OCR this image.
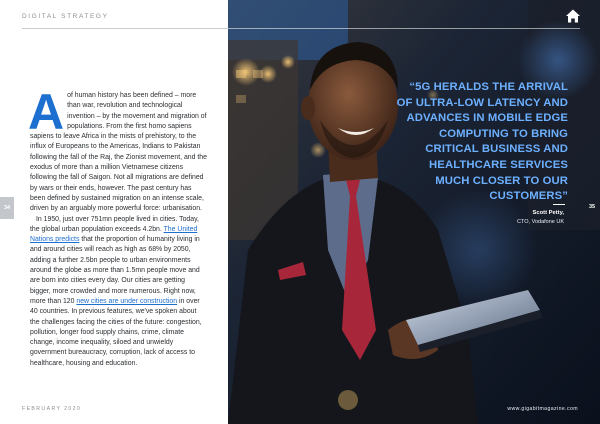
DIGITAL STRATEGY

Aof human history has been defined – more than war, revolution and technological invention – by the movement and migration of populations. From the first homo sapiens sapiens to leave Africa in the mists of prehistory, to the influx of Europeans to the Americas, Indians to Pakistan following the fall of the Raj, the Zionist movement, and the exodus of more than a million Vietnamese citizens following the fall of Saigon. Not all migrations are defined by wars or their ends, however. The past century has been defined by sustained migration on an intense scale, driven by an arguably more powerful force: urbanisation.

In 1950, just over 751mn people lived in cities. Today, the global urban population exceeds 4.2bn. The United Nations predicts that the proportion of humanity living in and around cities will reach as high as 68% by 2050, adding a further 2.5bn people to urban environments around the globe as more than 1.5mn people move and are born into cities every day. Our cities are getting bigger, more crowded and more numerous. Right now, more than 120 new cities are under construction in over 40 countries. In previous features, we've spoken about the challenges facing the cities of the future: congestion, pollution, longer food supply chains, crime, climate change, income inequality, siloed and unwieldy government bureaucracy, corruption, lack of access to healthcare, housing and education.

FEBRUARY 2020
34
“5G HERALDS THE ARRIVAL OF ULTRA-LOW LATENCY AND ADVANCES IN MOBILE EDGE COMPUTING TO BRING CRITICAL BUSINESS AND HEALTHCARE SERVICES MUCH CLOSER TO OUR CUSTOMERS”
Scott Petty,
CTO, Vodafone UK
35
www.gigabitmagazine.com
